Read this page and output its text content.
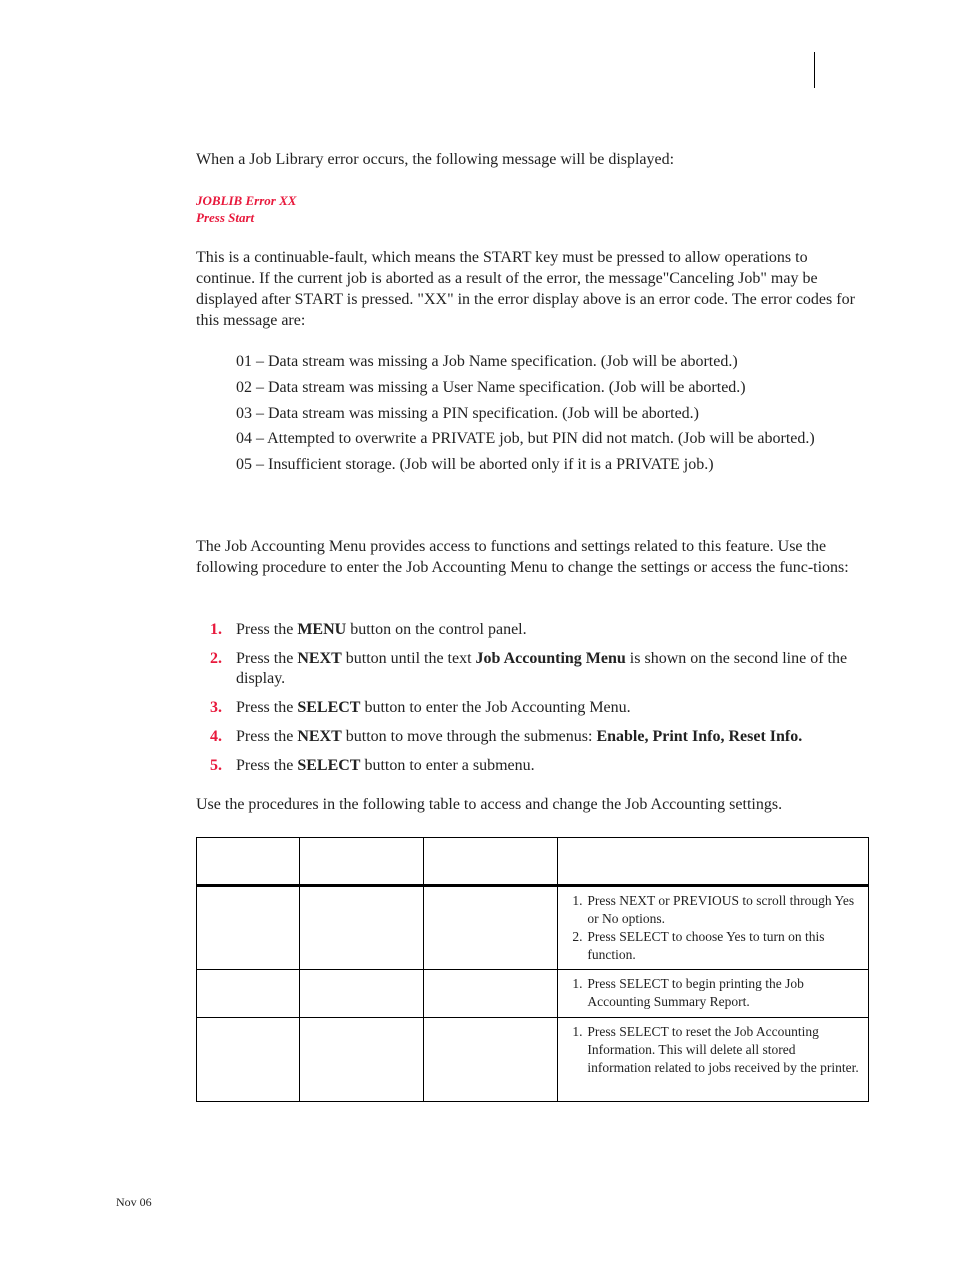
When a Job Library error occurs, the following message will be displayed:

JOBLIB Error XX
Press Start

This is a continuable-fault, which means the START key must be pressed to allow operations to continue. If the current job is aborted as a result of the error, the message"Canceling Job" may be displayed after START is pressed. "XX" in the error display above is an error code. The error codes for this message are:

01 – Data stream was missing a Job Name specification. (Job will be aborted.)
02 – Data stream was missing a User Name specification. (Job will be aborted.)
03 – Data stream was missing a PIN specification. (Job will be aborted.)
04 – Attempted to overwrite a PRIVATE job, but PIN did not match. (Job will be aborted.)
05 – Insufficient storage. (Job will be aborted only if it is a PRIVATE job.)

The Job Accounting Menu provides access to functions and settings related to this feature. Use the following procedure to enter the Job Accounting Menu to change the settings or access the func-tions:

1. Press the MENU button on the control panel.
2. Press the NEXT button until the text Job Accounting Menu is shown on the second line of the display.
3. Press the SELECT button to enter the Job Accounting Menu.
4. Press the NEXT button to move through the submenus: Enable, Print Info, Reset Info.
5. Press the SELECT button to enter a submenu.

Use the procedures in the following table to access and change the Job Accounting settings.

			1. Press NEXT or PREVIOUS to scroll through Yes or No options.
2. Press SELECT to choose Yes to turn on this function.

			1. Press SELECT to begin printing the Job Accounting Summary Report.

			1. Press SELECT to reset the Job Accounting Information. This will delete all stored information related to jobs received by the printer.
Nov 06
